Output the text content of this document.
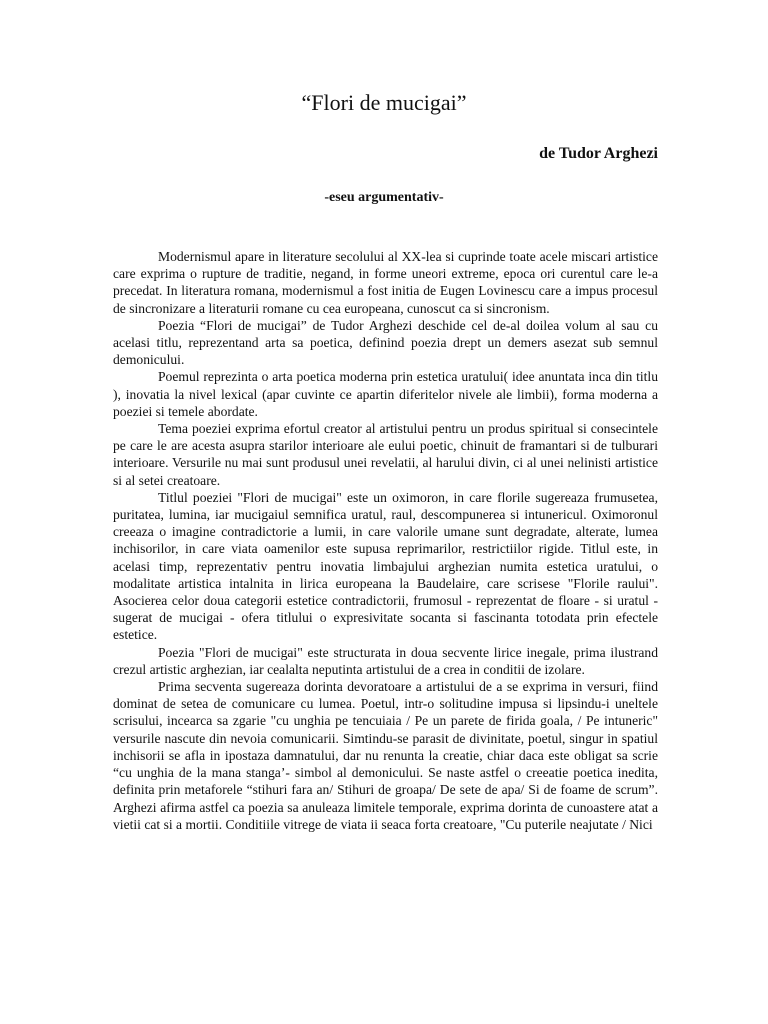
“Flori de mucigai”
de Tudor Arghezi
-eseu argumentativ-

Modernismul apare in literature secolului al XX-lea si cuprinde toate acele miscari artistice care exprima o rupture de traditie, negand, in forme uneori extreme, epoca ori curentul care le-a precedat. In literatura romana, modernismul a fost initia de Eugen Lovinescu care a impus procesul de sincronizare a literaturii romane cu cea europeana, cunoscut ca si sincronism.

Poezia “Flori de mucigai” de Tudor Arghezi deschide cel de-al doilea volum al sau cu acelasi titlu, reprezentand arta sa poetica, definind poezia drept un demers asezat sub semnul demonicului.

Poemul reprezinta o arta poetica moderna prin estetica uratului( idee anuntata inca din titlu ), inovatia la nivel lexical (apar cuvinte ce apartin diferitelor nivele ale limbii), forma moderna a poeziei si temele abordate.

Tema poeziei exprima efortul creator al artistului pentru un produs spiritual si consecintele pe care le are acesta asupra starilor interioare ale eului poetic, chinuit de framantari si de tulburari interioare. Versurile nu mai sunt produsul unei revelatii, al harului divin, ci al unei nelinisti artistice si al setei creatoare.

Titlul poeziei "Flori de mucigai" este un oximoron, in care florile sugereaza frumusetea, puritatea, lumina, iar mucigaiul semnifica uratul, raul, descompunerea si intunericul. Oximoronul creeaza o imagine contradictorie a lumii, in care valorile umane sunt degradate, alterate, lumea inchisorilor, in care viata oamenilor este supusa reprimarilor, restrictiilor rigide. Titlul este, in acelasi timp, reprezentativ pentru inovatia limbajului arghezian numita estetica uratului, o modalitate artistica intalnita in lirica europeana la Baudelaire, care scrisese "Florile raului". Asocierea celor doua categorii estetice contradictorii, frumosul - reprezentat de floare - si uratul - sugerat de mucigai - ofera titlului o expresivitate socanta si fascinanta totodata prin efectele estetice.

Poezia "Flori de mucigai" este structurata in doua secvente lirice inegale, prima ilustrand crezul artistic arghezian, iar cealalta neputinta artistului de a crea in conditii de izolare.

Prima secventa sugereaza dorinta devoratoare a artistului de a se exprima in versuri, fiind dominat de setea de comunicare cu lumea. Poetul, intr-o solitudine impusa si lipsindu-i uneltele scrisului, incearca sa zgarie "cu unghia pe tencuiaia / Pe un parete de firida goala, / Pe intuneric" versurile nascute din nevoia comunicarii. Simtindu-se parasit de divinitate, poetul, singur in spatiul inchisorii se afla in ipostaza damnatului, dar nu renunta la creatie, chiar daca este obligat sa scrie “cu unghia de la mana stanga’- simbol al demonicului. Se naste astfel o creeatie poetica inedita, definita prin metaforele “stihuri fara an/ Stihuri de groapa/ De sete de apa/ Si de foame de scrum”. Arghezi afirma astfel ca poezia sa anuleaza limitele temporale, exprima dorinta de cunoastere atat a vietii cat si a mortii. Conditiile vitrege de viata ii seaca forta creatoare, "Cu puterile neajutate / Nici
